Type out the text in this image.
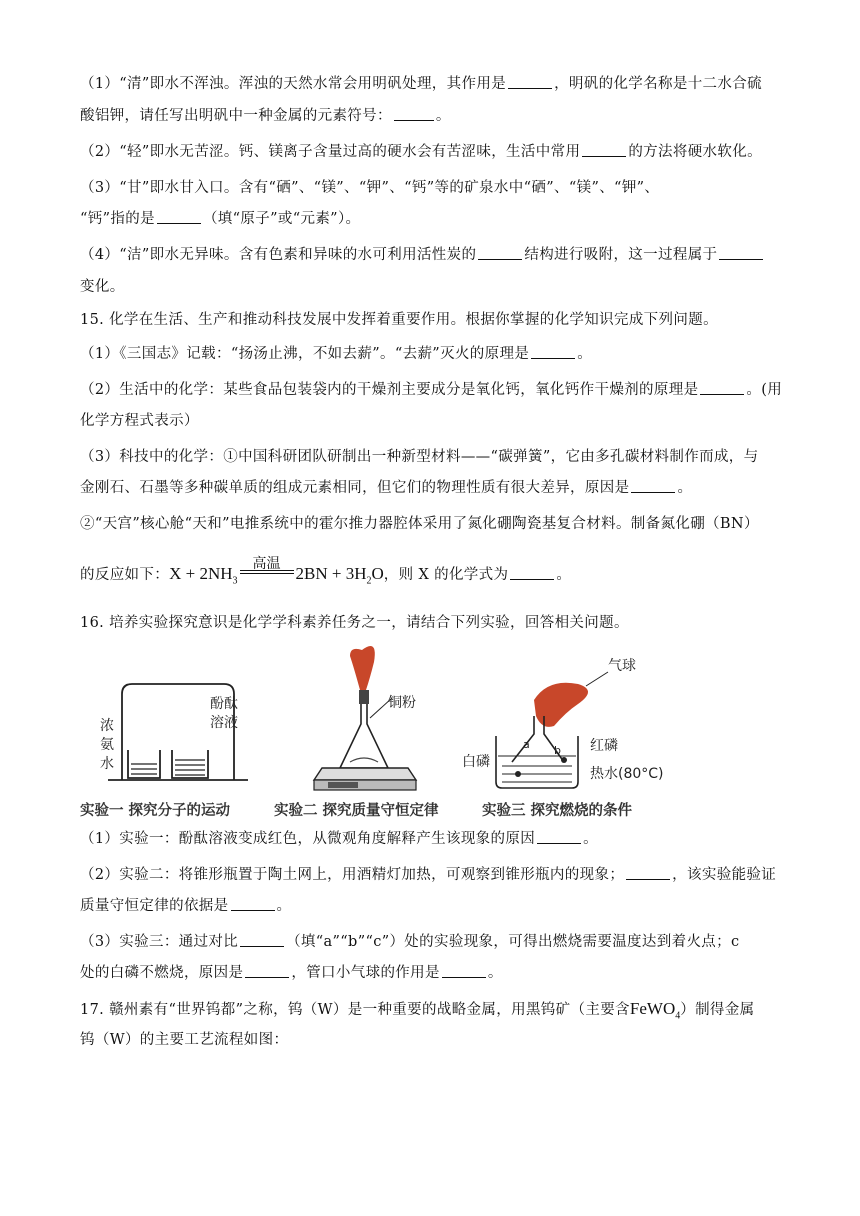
（1）“清”即水不浑浊。浑浊的天然水常会用明矾处理，其作用是	，明矾的化学名称是十二水合硫
酸铝钾，请任写出明矾中一种金属的元素符号：	。
（2）“轻”即水无苦涩。钙、镁离子含量过高的硬水会有苦涩味，生活中常用	的方法将硬水软化。
（3）“甘”即水甘入口。含有“硒”、“镁”、“钾”、“钙”等的矿泉水中“硒”、“镁”、“钾”、
“钙”指的是	（填“原子”或“元素”）。
（4）“洁”即水无异味。含有色素和异味的水可利用活性炭的	结构进行吸附，这一过程属于
变化。
15. 化学在生活、生产和推动科技发展中发挥着重要作用。根据你掌握的化学知识完成下列问题。
（1）《三国志》记载：“扬汤止沸，不如去薪”。“去薪”灭火的原理是	。
（2）生活中的化学：某些食品包装袋内的干燥剂主要成分是氧化钙，氧化钙作干燥剂的原理是	。(用
化学方程式表示）
（3）科技中的化学：①中国科研团队研制出一种新型材料——“碳弹簧”，它由多孔碳材料制作而成，与
金刚石、石墨等多种碳单质的组成元素相同，但它们的物理性质有很大差异，原因是	。
②“天宫”核心舱“天和”电推系统中的霍尔推力器腔体采用了氮化硼陶瓷基复合材料。制备氮化硼（BN）
的反应如下：$X + 2NH_3$
高温 $2BN + 3H_2O$，则 X 的化学式为	。
16. 培养实验探究意识是化学学科素养任务之一，请结合下列实验，回答相关问题。
浓
氨
水
酚酞
溶液
铜粉
气球
a b
白磷
红磷
热水(80°C)
实验一 探究分子的运动	实验二 探究质量守恒定律	实验三 探究燃烧的条件
（1）实验一：酚酞溶液变成红色，从微观角度解释产生该现象的原因	。
（2）实验二：将锥形瓶置于陶土网上，用酒精灯加热，可观察到锥形瓶内的现象；	，该实验能验证
质量守恒定律的依据是	。
（3）实验三：通过对比	（填“a”“b”“c”）处的实验现象，可得出燃烧需要温度达到着火点；c
处的白磷不燃烧，原因是	，管口小气球的作用是	。
17. 赣州素有“世界钨都”之称，钨（W）是一种重要的战略金属，用黑钨矿（主要含FeWO$_4$）制得金属
钨（W）的主要工艺流程如图：
